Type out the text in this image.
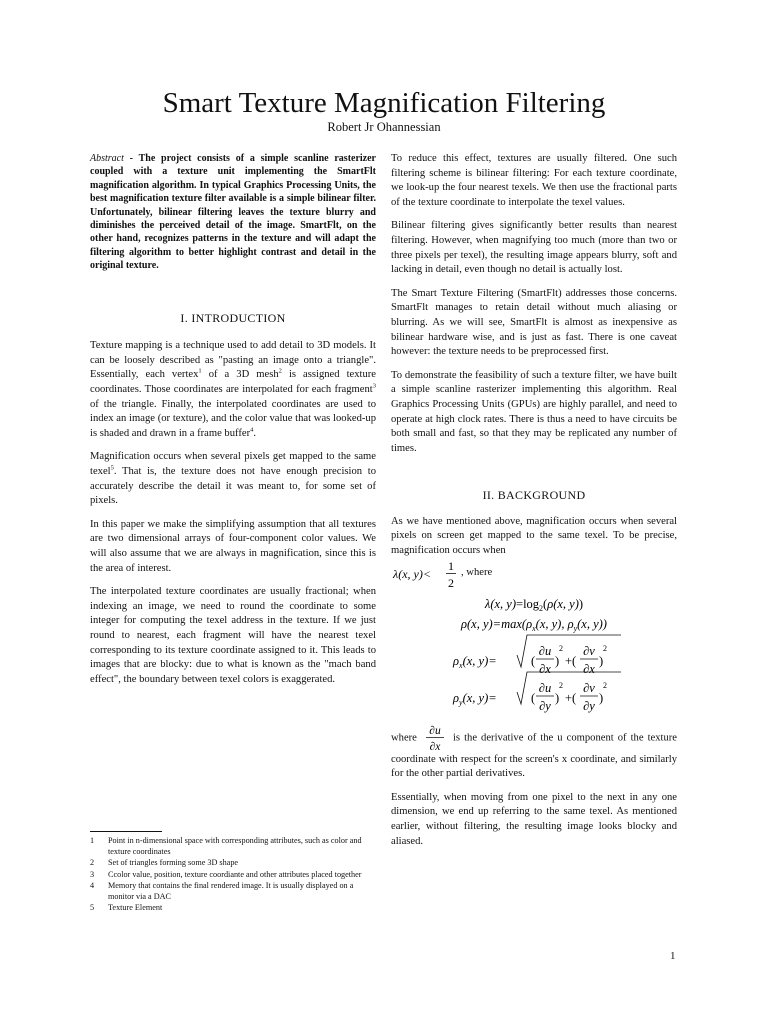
Smart Texture Magnification Filtering
Robert Jr Ohannessian

Abstract - The project consists of a simple scanline rasterizer coupled with a texture unit implementing the SmartFlt magnification algorithm. In typical Graphics Processing Units, the best magnification texture filter available is a simple bilinear filter. Unfortunately, bilinear filtering leaves the texture blurry and diminishes the perceived detail of the image. SmartFlt, on the other hand, recognizes patterns in the texture and will adapt the filtering algorithm to better highlight contrast and detail in the original texture.

I. INTRODUCTION

Texture mapping is a technique used to add detail to 3D models. It can be loosely described as "pasting an image onto a triangle". Essentially, each vertex$^1$ of a 3D mesh$^2$ is assigned texture coordinates. Those coordinates are interpolated for each fragment$^3$ of the triangle. Finally, the interpolated coordinates are used to index an image (or texture), and the color value that was looked-up is shaded and drawn in a frame buffer$^4$.

Magnification occurs when several pixels get mapped to the same texel$^5$. That is, the texture does not have enough precision to accurately describe the detail it was meant to, for some set of pixels.

In this paper we make the simplifying assumption that all textures are two dimensional arrays of four-component color values. We will also assume that we are always in magnification, since this is the area of interest.

The interpolated texture coordinates are usually fractional; when indexing an image, we need to round the coordinate to some integer for computing the texel address in the texture. If we just round to nearest, each fragment will have the nearest texel corresponding to its texture coordinate assigned to it. This leads to images that are blocky: due to what is known as the "mach band effect", the boundary between texel colors is exaggerated.

To reduce this effect, textures are usually filtered. One such filtering scheme is bilinear filtering: For each texture coordinate, we look-up the four nearest texels. We then use the fractional parts of the texture coordinate to interpolate the texel values.

Bilinear filtering gives significantly better results than nearest filtering. However, when magnifying too much (more than two or three pixels per texel), the resulting image appears blurry, soft and lacking in detail, even though no detail is actually lost.

The Smart Texture Filtering (SmartFlt) addresses those concerns. SmartFlt manages to retain detail without much aliasing or blurring. As we will see, SmartFlt is almost as inexpensive as bilinear hardware wise, and is just as fast. There is one caveat however: the texture needs to be preprocessed first.

To demonstrate the feasibility of such a texture filter, we have built a simple scanline rasterizer implementing this algorithm. Real Graphics Processing Units (GPUs) are highly parallel, and need to operate at high clock rates. There is thus a need to have circuits be both small and fast, so that they may be replicated any number of times.

II. BACKGROUND

As we have mentioned above, magnification occurs when several pixels on screen get mapped to the same texel. To be precise, magnification occurs when

λ(x, y)<
1
2
, where
λ(x, $y)=\log_2(\rho(x$, y))
ρ(x, $y)=\max(\rho_x(x$, y), $\rho_y(x$, y))
$\rho_x(x$, y)=	(
∂u
∂x
)
2
+(
∂v
∂x
)
2
$\rho_y(x$, y)=	(
∂u
∂y
)
2
+(
∂v
∂y
)
2

where
∂u
∂x
is the derivative of the u component of the texture coordinate with respect for the screen's x coordinate, and similarly for the other partial derivatives.

Essentially, when moving from one pixel to the next in any one dimension, we end up referring to the same texel. As mentioned earlier, without filtering, the resulting image looks blocky and aliased.

1	Point in n-dimensional space with corresponding attributes, such as color and texture coordinates
2	Set of triangles forming some 3D shape
3	Ccolor value, position, texture coordiante and other attributes placed together
4	Memory that contains the final rendered image. It is usually displayed on a monitor via a DAC
5	Texture Element
1
